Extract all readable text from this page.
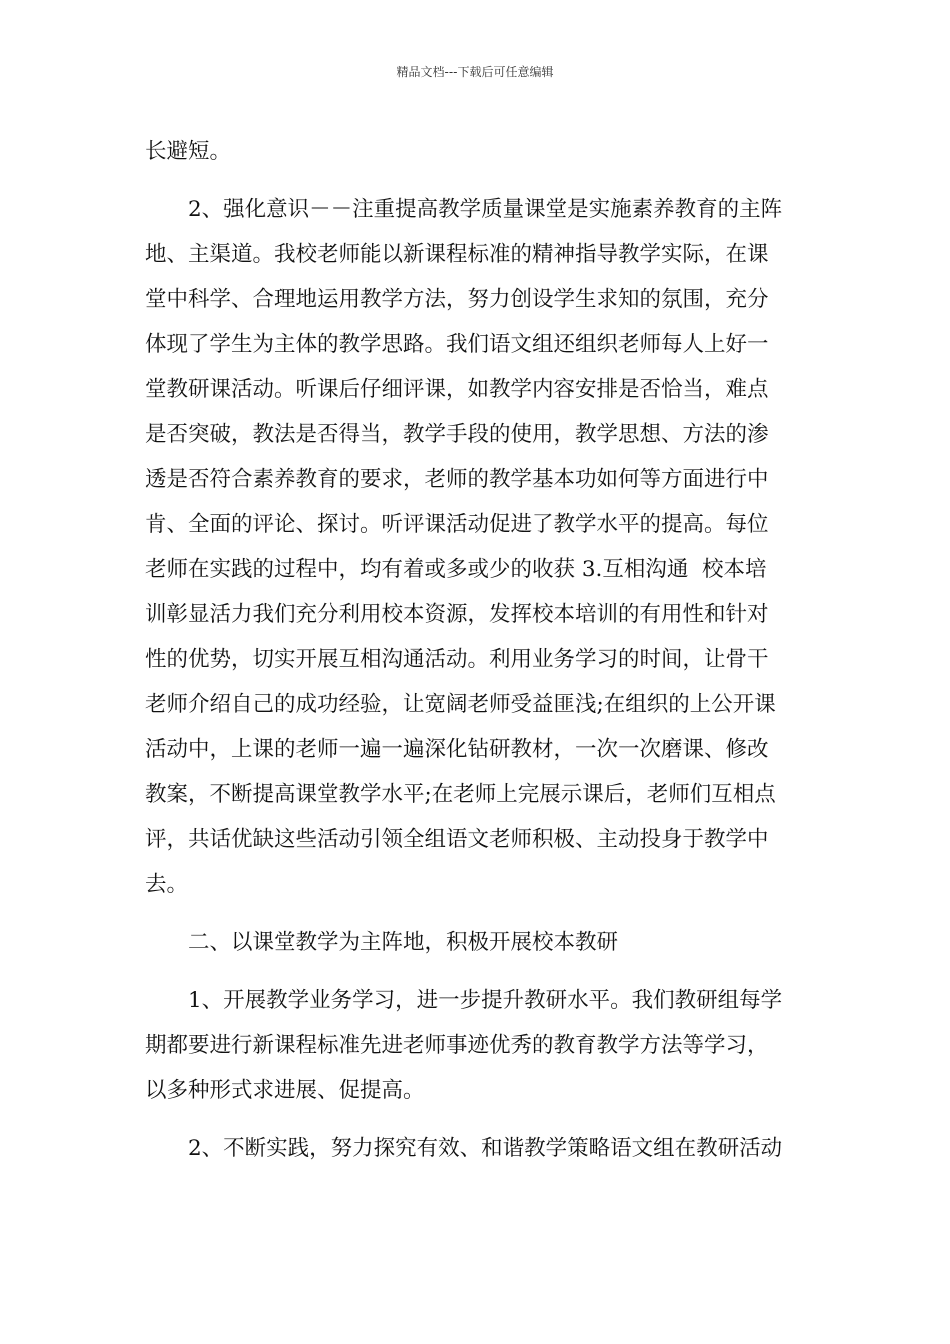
精品文档---下载后可任意编辑
长避短。
2、强化意识－－注重提高教学质量课堂是实施素养教育的主阵
地、主渠道。我校老师能以新课程标准的精神指导教学实际，在课
堂中科学、合理地运用教学方法，努力创设学生求知的氛围，充分
体现了学生为主体的教学思路。我们语文组还组织老师每人上好一
堂教研课活动。听课后仔细评课，如教学内容安排是否恰当，难点
是否突破，教法是否得当，教学手段的使用，教学思想、方法的渗
透是否符合素养教育的要求，老师的教学基本功如何等方面进行中
肯、全面的评论、探讨。听评课活动促进了教学水平的提高。每位
老师在实践的过程中，均有着或多或少的收获 3.互相沟通  校本培
训彰显活力我们充分利用校本资源，发挥校本培训的有用性和针对
性的优势，切实开展互相沟通活动。利用业务学习的时间，让骨干
老师介绍自己的成功经验，让宽阔老师受益匪浅;在组织的上公开课
活动中，上课的老师一遍一遍深化钻研教材，一次一次磨课、修改
教案，不断提高课堂教学水平;在老师上完展示课后，老师们互相点
评，共话优缺这些活动引领全组语文老师积极、主动投身于教学中
去。
二、以课堂教学为主阵地，积极开展校本教研
1、开展教学业务学习，进一步提升教研水平。我们教研组每学
期都要进行新课程标准先进老师事迹优秀的教育教学方法等学习，
以多种形式求进展、促提高。
2、不断实践，努力探究有效、和谐教学策略语文组在教研活动
